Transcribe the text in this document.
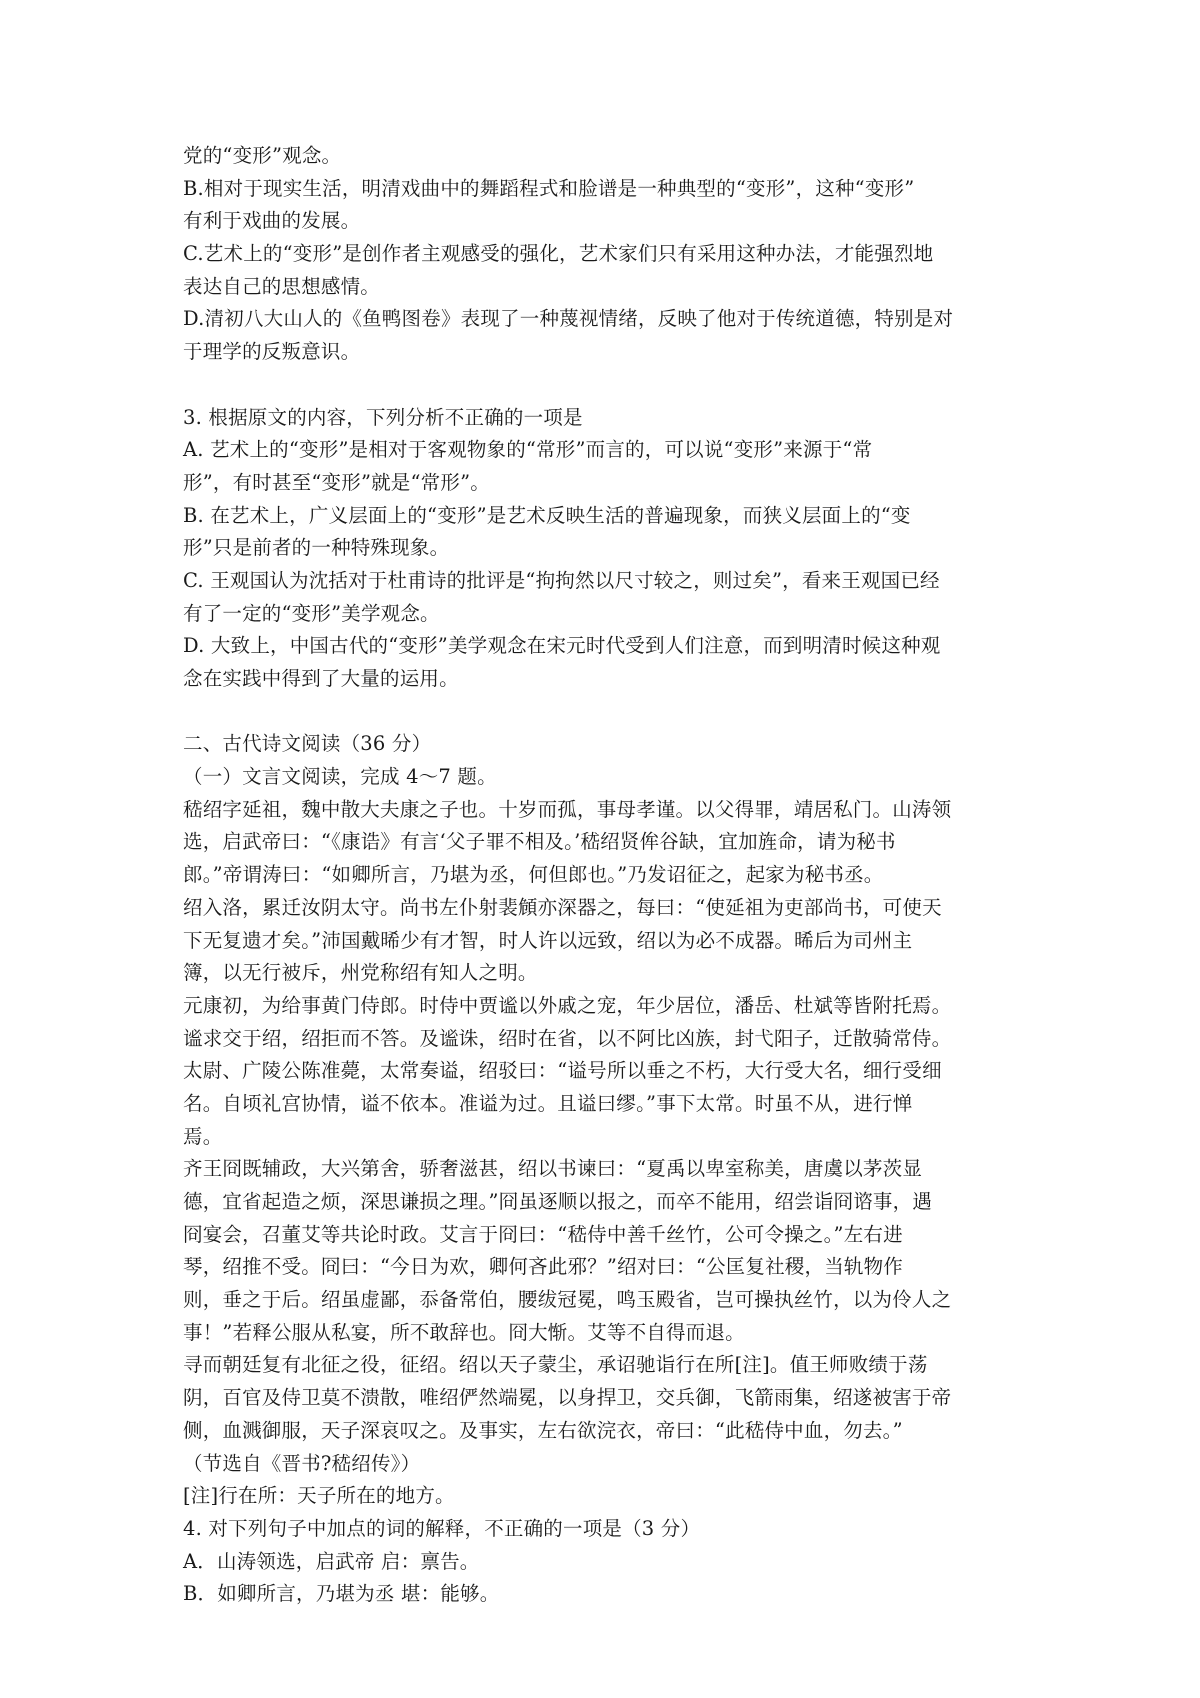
党的“变形”观念。
B.相对于现实生活，明清戏曲中的舞蹈程式和脸谱是一种典型的“变形”，这种“变形”
有利于戏曲的发展。
C.艺术上的“变形”是创作者主观感受的强化，艺术家们只有采用这种办法，才能强烈地
表达自己的思想感情。
D.清初八大山人的《鱼鸭图卷》表现了一种蔑视情绪，反映了他对于传统道德，特别是对
于理学的反叛意识。
3. 根据原文的内容，下列分析不正确的一项是
A. 艺术上的“变形”是相对于客观物象的“常形”而言的，可以说“变形”来源于“常
形”，有时甚至“变形”就是“常形”。
B. 在艺术上，广义层面上的“变形”是艺术反映生活的普遍现象，而狭义层面上的“变
形”只是前者的一种特殊现象。
C. 王观国认为沈括对于杜甫诗的批评是“拘拘然以尺寸较之，则过矣”，看来王观国已经
有了一定的“变形”美学观念。
D. 大致上，中国古代的“变形”美学观念在宋元时代受到人们注意，而到明清时候这种观
念在实践中得到了大量的运用。
二、古代诗文阅读（36 分）
（一）文言文阅读，完成 4～7 题。
嵇绍字延祖，魏中散大夫康之子也。十岁而孤，事母孝谨。以父得罪，靖居私门。山涛领
选，启武帝曰：“《康诰》有言‘父子罪不相及。’嵇绍贤侔谷缺，宜加旌命，请为秘书
郎。”帝谓涛曰：“如卿所言，乃堪为丞，何但郎也。”乃发诏征之，起家为秘书丞。
绍入洛，累迁汝阴太守。尚书左仆射裴頠亦深器之，每曰：“使延祖为吏部尚书，可使天
下无复遗才矣。”沛国戴晞少有才智，时人许以远致，绍以为必不成器。晞后为司州主
簿，以无行被斥，州党称绍有知人之明。
元康初，为给事黄门侍郎。时侍中贾谧以外戚之宠，年少居位，潘岳、杜斌等皆附托焉。
谧求交于绍，绍拒而不答。及谧诛，绍时在省，以不阿比凶族，封弋阳子，迁散骑常侍。
太尉、广陵公陈准薨，太常奏谥，绍驳曰：“谥号所以垂之不朽，大行受大名，细行受细
名。自顷礼宫协情，谥不依本。准谥为过。且谥曰缪。”事下太常。时虽不从，进行惮
焉。
齐王冏既辅政，大兴第舍，骄奢滋甚，绍以书谏曰：“夏禹以卑室称美，唐虞以茅茨显
德，宜省起造之烦，深思谦损之理。”冏虽逐顺以报之，而卒不能用，绍尝诣冏谘事，遇
冏宴会，召董艾等共论时政。艾言于冏曰：“嵇侍中善千丝竹，公可令操之。”左右进
琴，绍推不受。冏曰：“今日为欢，卿何吝此邪？”绍对曰：“公匡复社稷，当轨物作
则，垂之于后。绍虽虚鄙，忝备常伯，腰绂冠冕，鸣玉殿省，岂可操执丝竹，以为伶人之
事！”若释公服从私宴，所不敢辞也。冏大惭。艾等不自得而退。
寻而朝廷复有北征之役，征绍。绍以天子蒙尘，承诏驰诣行在所[注]。值王师败绩于荡
阴，百官及侍卫莫不溃散，唯绍俨然端冕，以身捍卫，交兵御，飞箭雨集，绍遂被害于帝
侧，血溅御服，天子深哀叹之。及事实，左右欲浣衣，帝曰：“此嵇侍中血，勿去。”
（节选自《晋书?嵇绍传》）
[注]行在所：天子所在的地方。
4. 对下列句子中加点的词的解释，不正确的一项是（3 分）
A．山涛领选，启武帝 启：禀告。
B．如卿所言，乃堪为丞 堪：能够。
